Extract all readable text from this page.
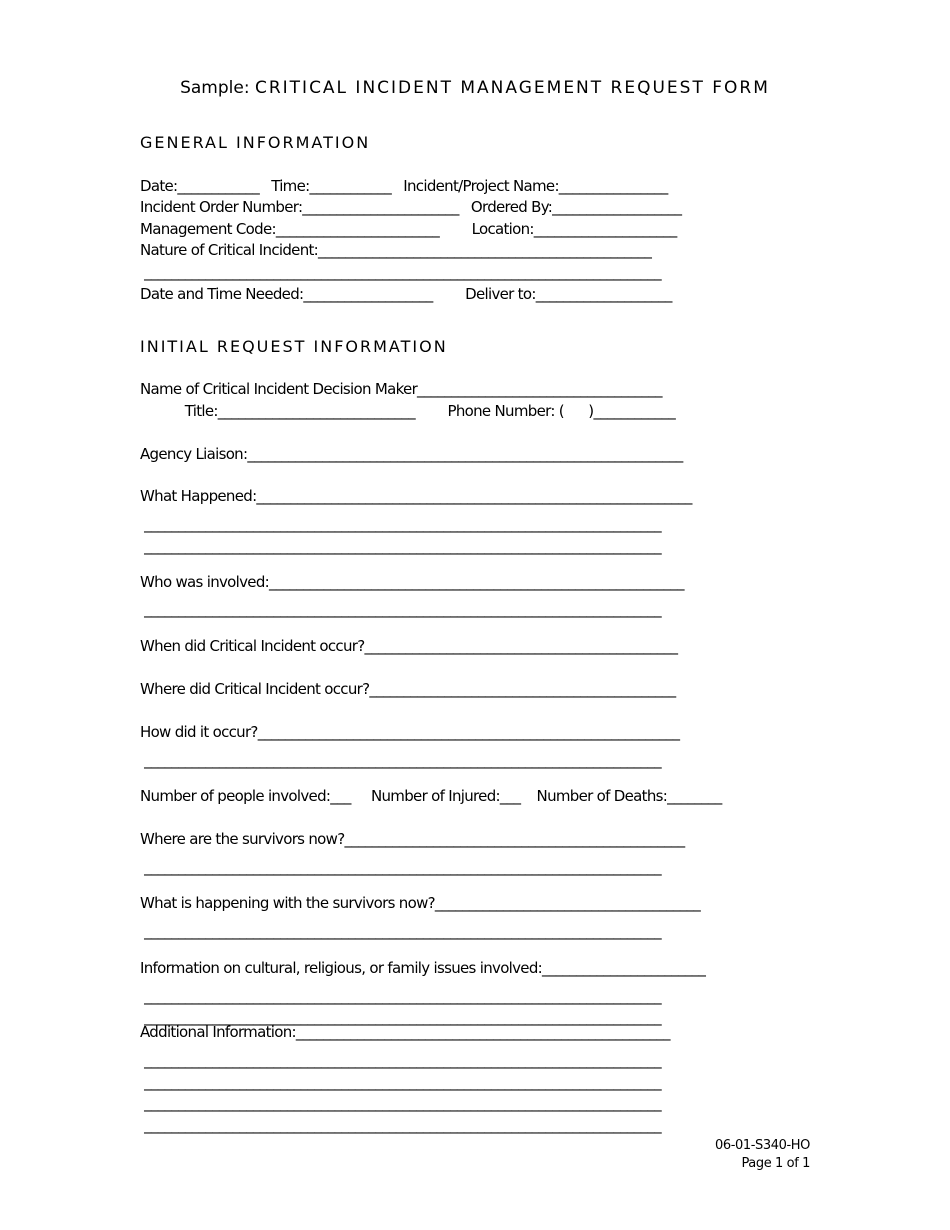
Sample: CRITICAL INCIDENT MANAGEMENT REQUEST FORM
GENERAL INFORMATION
Date:____________   Time:____________   Incident/Project Name:________________
Incident Order Number:_______________________   Ordered By:___________________
Management Code:________________________        Location:_____________________
Nature of Critical Incident:_________________________________________________
____________________________________________________________________________
Date and Time Needed:___________________        Deliver to:____________________
INITIAL REQUEST INFORMATION
Name of Critical Incident Decision Maker____________________________________
Title:_____________________________        Phone Number: (      )____________
Agency Liaison:________________________________________________________________
What Happened:________________________________________________________________
____________________________________________________________________________
____________________________________________________________________________
Who was involved:_____________________________________________________________
____________________________________________________________________________
When did Critical Incident occur?______________________________________________
Where did Critical Incident occur?_____________________________________________
How did it occur?______________________________________________________________
____________________________________________________________________________
Number of people involved:___     Number of Injured:___    Number of Deaths:________
Where are the survivors now?__________________________________________________
____________________________________________________________________________
What is happening with the survivors now?_______________________________________
____________________________________________________________________________
Information on cultural, religious, or family issues involved:________________________
____________________________________________________________________________
____________________________________________________________________________
Additional Information:_______________________________________________________
____________________________________________________________________________
____________________________________________________________________________
____________________________________________________________________________
____________________________________________________________________________
06-01-S340-HO
Page 1 of 1
